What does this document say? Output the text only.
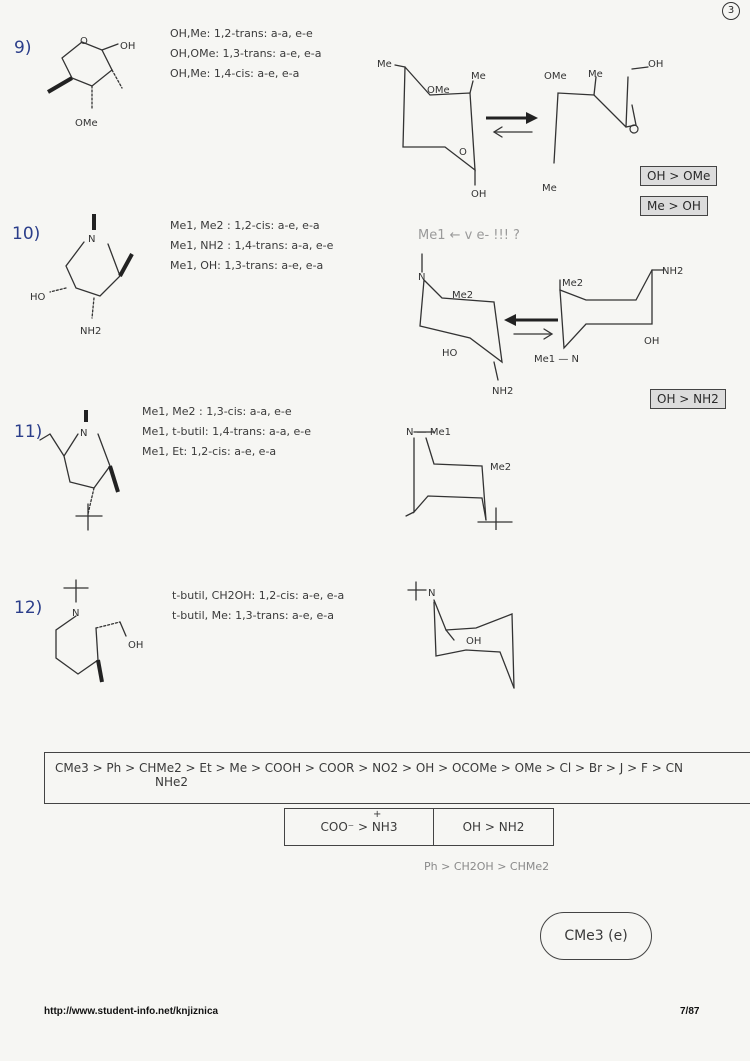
3
9)	O	OH
OMe
OH,Me: 1,2-trans: a-a, e-e
OH,OMe: 1,3-trans: a-e, e-a
OH,Me: 1,4-cis: a-e, e-a
Me
OMe
Me
O
OH
OMe Me
OH
Me
OH > OMe
Me > OH
10)	N
HO
NH2
Me1, Me2 : 1,2-cis: a-e, e-a
Me1, NH2 : 1,4-trans: a-a, e-e
Me1, OH: 1,3-trans: a-e, e-a
Me1 ← v e- !!! ?
N
Me2
HO
NH2
Me2
NH2
OH
Me1 — N
OH > NH2
11)	N
Me1, Me2 : 1,3-cis: a-a, e-e
Me1, t-butil: 1,4-trans: a-a, e-e
Me1, Et: 1,2-cis: a-e, e-a
N — Me1
Me2
12)	N
OH
t-butil, CH2OH: 1,2-cis: a-e, e-a
t-butil, Me: 1,3-trans: a-e, e-a
N
OH
CMe3 > Ph > CHMe2 > Et > Me > COOH > COOR > NO2 > OH > OCOMe > OMe > Cl > Br > J > F > CN
NHe2
COO⁻ > NH3
+
OH > NH2
Ph > CH2OH > CHMe2
CMe3 (e)
http://www.student-info.net/knjiznica	7/87
